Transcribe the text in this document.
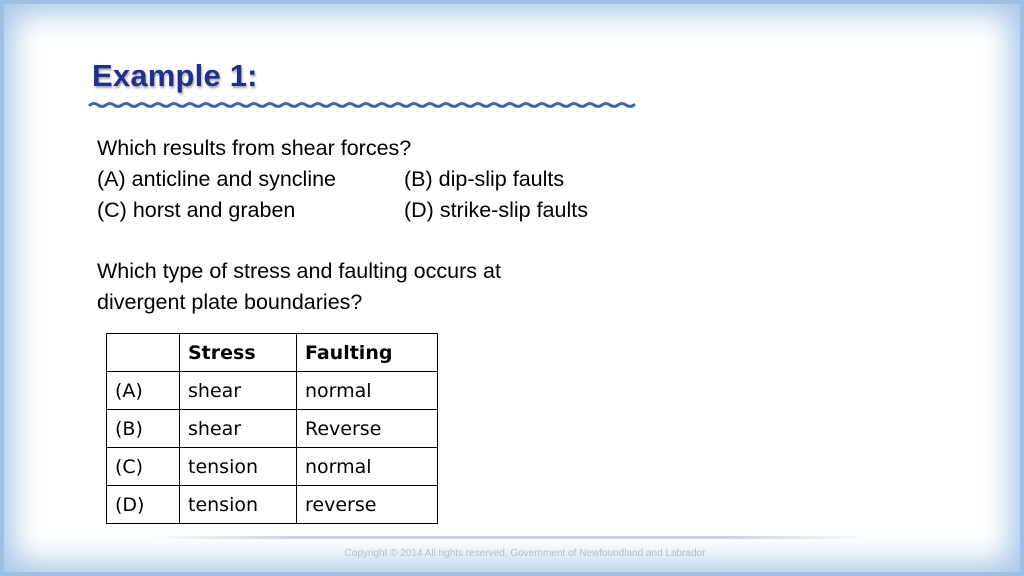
Example 1:
Which results from shear forces?
(A) anticline and syncline	(B) dip-slip faults
(C) horst and graben	(D) strike-slip faults
Which type of stress and faulting occurs at
divergent plate boundaries?
	Stress	Faulting
(A)	shear	normal
(B)	shear	Reverse
(C)	tension	normal
(D)	tension	reverse
Copyright © 2014 All rights reserved, Government of Newfoundland and Labrador
